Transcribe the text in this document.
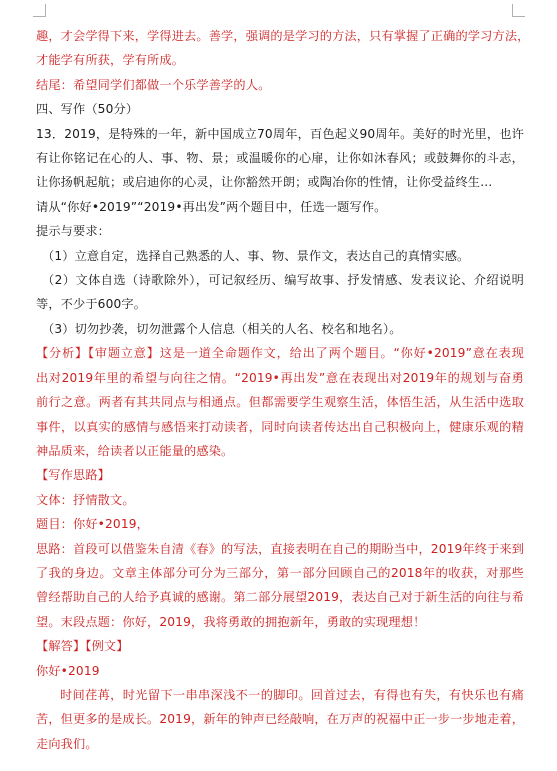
趣，才会学得下来，学得进去。善学，强调的是学习的方法，只有掌握了正确的学习方法，
才能学有所获，学有所成。
结尾：希望同学们都做一个乐学善学的人。
四、写作（50分）
13．2019，是特殊的一年，新中国成立70周年，百色起义90周年。美好的时光里，也许
有让你铭记在心的人、事、物、景；或温暖你的心扉，让你如沐春风；或鼓舞你的斗志，
让你扬帆起航；或启迪你的心灵，让你豁然开朗；或陶冶你的性情，让你受益终生…
请从“你好•2019”“2019•再出发”两个题目中，任选一题写作。
提示与要求：
（1）立意自定，选择自己熟悉的人、事、物、景作文，表达自己的真情实感。
（2）文体自选（诗歌除外），可记叙经历、编写故事、抒发情感、发表议论、介绍说明
等，不少于600字。
（3）切勿抄袭，切勿泄露个人信息（相关的人名、校名和地名）。
【分析】【审题立意】这是一道全命题作文，给出了两个题目。“你好•2019”意在表现
出对2019年里的希望与向往之情。“2019•再出发”意在表现出对2019年的规划与奋勇
前行之意。两者有其共同点与相通点。但都需要学生观察生活，体悟生活，从生活中选取
事件，以真实的感情与感悟来打动读者，同时向读者传达出自己积极向上，健康乐观的精
神品质来，给读者以正能量的感染。
【写作思路】
文体：抒情散文。
题目：你好•2019，
思路：首段可以借鉴朱自清《春》的写法，直接表明在自己的期盼当中，2019年终于来到
了我的身边。文章主体部分可分为三部分，第一部分回顾自己的2018年的收获，对那些
曾经帮助自己的人给予真诚的感谢。第二部分展望2019，表达自己对于新生活的向往与希
望。末段点题：你好，2019，我将勇敢的拥抱新年，勇敢的实现理想！
【解答】【例文】
你好•2019
时间荏苒，时光留下一串串深浅不一的脚印。回首过去，有得也有失，有快乐也有痛
苦，但更多的是成长。2019，新年的钟声已经敲响，在万声的祝福中正一步一步地走着，
走向我们。
